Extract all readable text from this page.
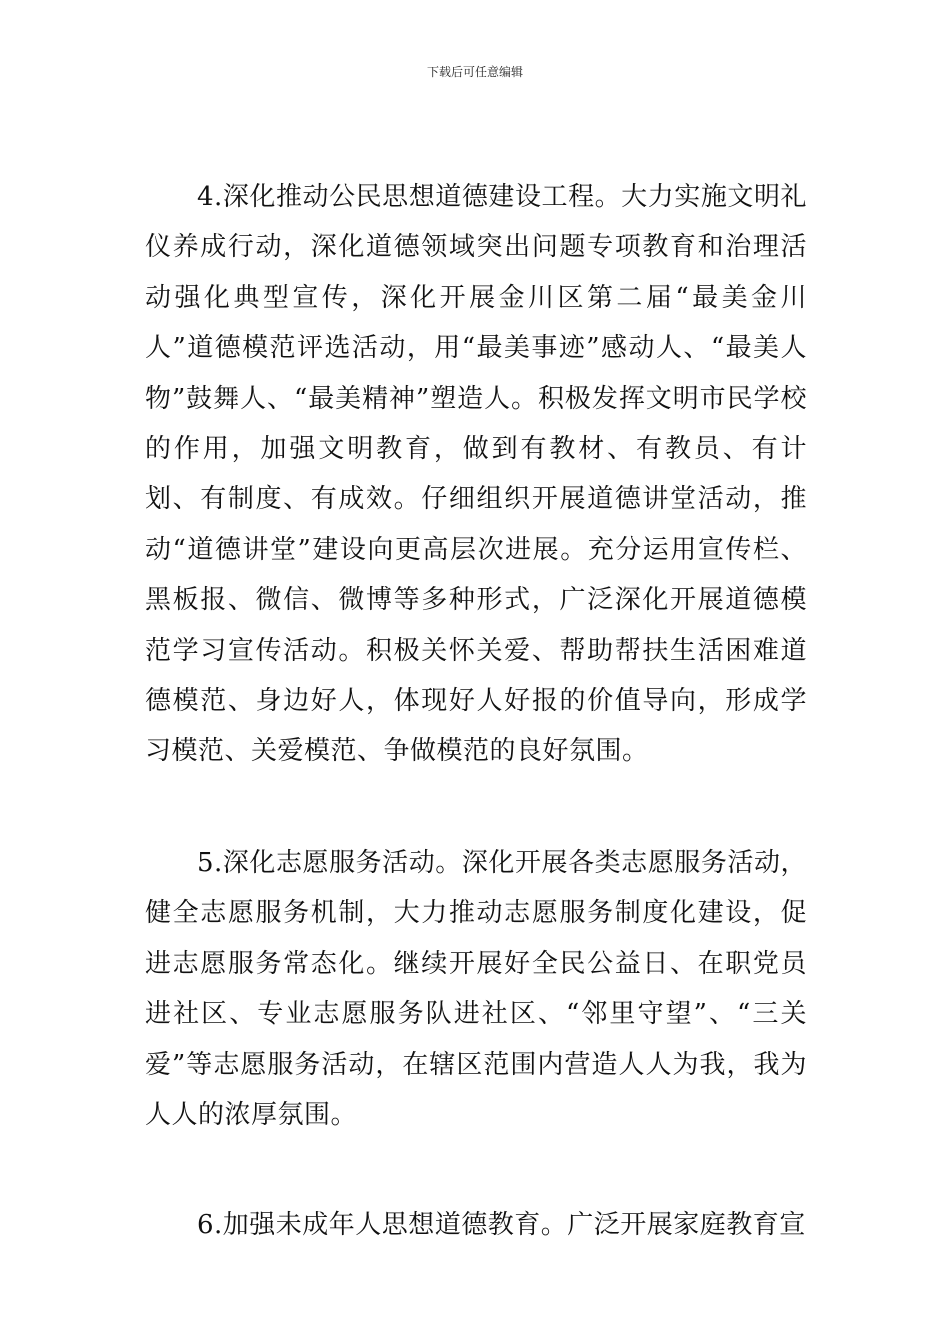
下载后可任意编辑

4.深化推动公民思想道德建设工程。大力实施文明礼仪养成行动，深化道德领域突出问题专项教育和治理活动强化典型宣传，深化开展金川区第二届“最美金川人”道德模范评选活动，用“最美事迹”感动人、“最美人物”鼓舞人、“最美精神”塑造人。积极发挥文明市民学校的作用，加强文明教育，做到有教材、有教员、有计划、有制度、有成效。仔细组织开展道德讲堂活动，推动“道德讲堂”建设向更高层次进展。充分运用宣传栏、黑板报、微信、微博等多种形式，广泛深化开展道德模范学习宣传活动。积极关怀关爱、帮助帮扶生活困难道德模范、身边好人，体现好人好报的价值导向，形成学习模范、关爱模范、争做模范的良好氛围。

5.深化志愿服务活动。深化开展各类志愿服务活动，健全志愿服务机制，大力推动志愿服务制度化建设，促进志愿服务常态化。继续开展好全民公益日、在职党员进社区、专业志愿服务队进社区、“邻里守望”、“三关爱”等志愿服务活动，在辖区范围内营造人人为我，我为人人的浓厚氛围。

6.加强未成年人思想道德教育。广泛开展家庭教育宣
